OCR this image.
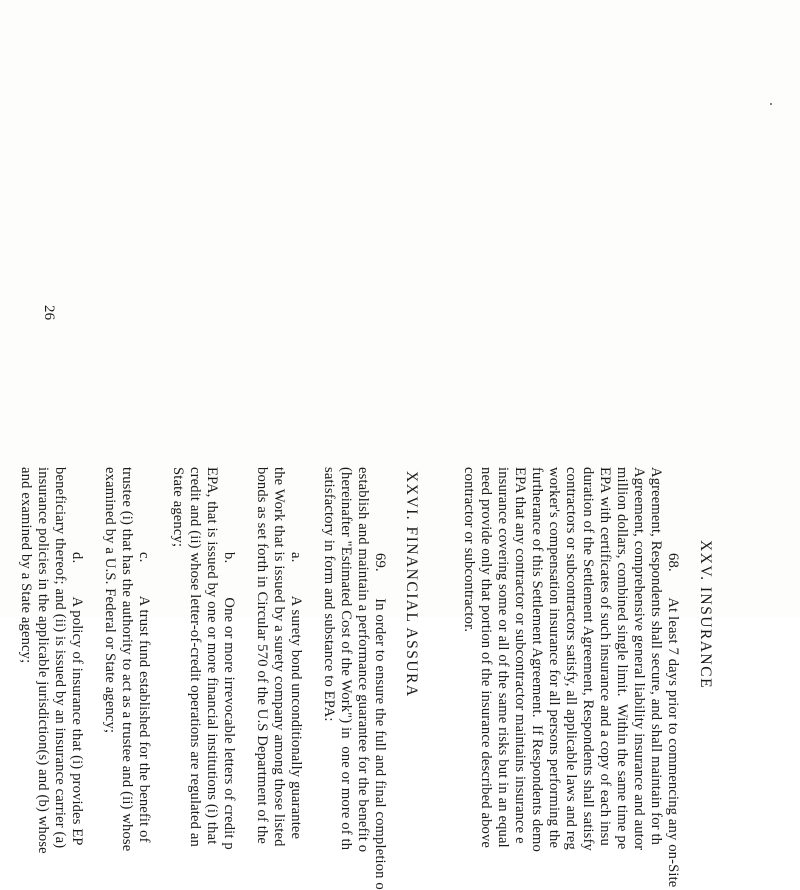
XXV. INSURANCE
68.       At least 7 days prior to commencing any on-Site
Agreement, Respondents shall secure, and shall maintain for th
Agreement, comprehensive general liability insurance and autor
million dollars, combined single limit.  Within the same time pe
EPA with certificates of such insurance and a copy of each insu
duration of the Settlement Agreement, Respondents shall satisfy
contractors or subcontractors satisfy, all applicable laws and reg
worker's compensation insurance for all persons performing the
furtherance of this Settlement Agreement.  If Respondents demo
EPA that any contractor or subcontractor maintains insurance e
insurance covering some or all of the same risks but in an equal
need provide only that portion of the insurance described above
contractor or subcontractor.
XXVI. FINANCIAL ASSURA
69.       In order to ensure the full and final completion o
establish and maintain a performance guarantee for the benefit o
(hereinafter "Estimated Cost of the Work") in  one or more of th
satisfactory in form and substance to EPA:
a.         A surety bond unconditionally guarantee
the Work that is issued by a surety company among those listed
bonds as set forth in Circular 570 of the U.S Department of the
b.         One or more irrevocable letters of credit p
EPA, that is issued by one or more financial institutions (i) that
credit and (ii) whose letter-of-credit operations are regulated an
State agency;
c.         A trust fund established for the benefit of
trustee (i) that has the authority to act as a trustee and (ii) whose
examined by a U.S. Federal or State agency;
d.         A policy of insurance that (i) provides EP
beneficiary thereof; and (ii) is issued by an insurance carrier (a)
insurance policies in the applicable jurisdiction(s) and (b) whose
and examined by a State agency;
26
